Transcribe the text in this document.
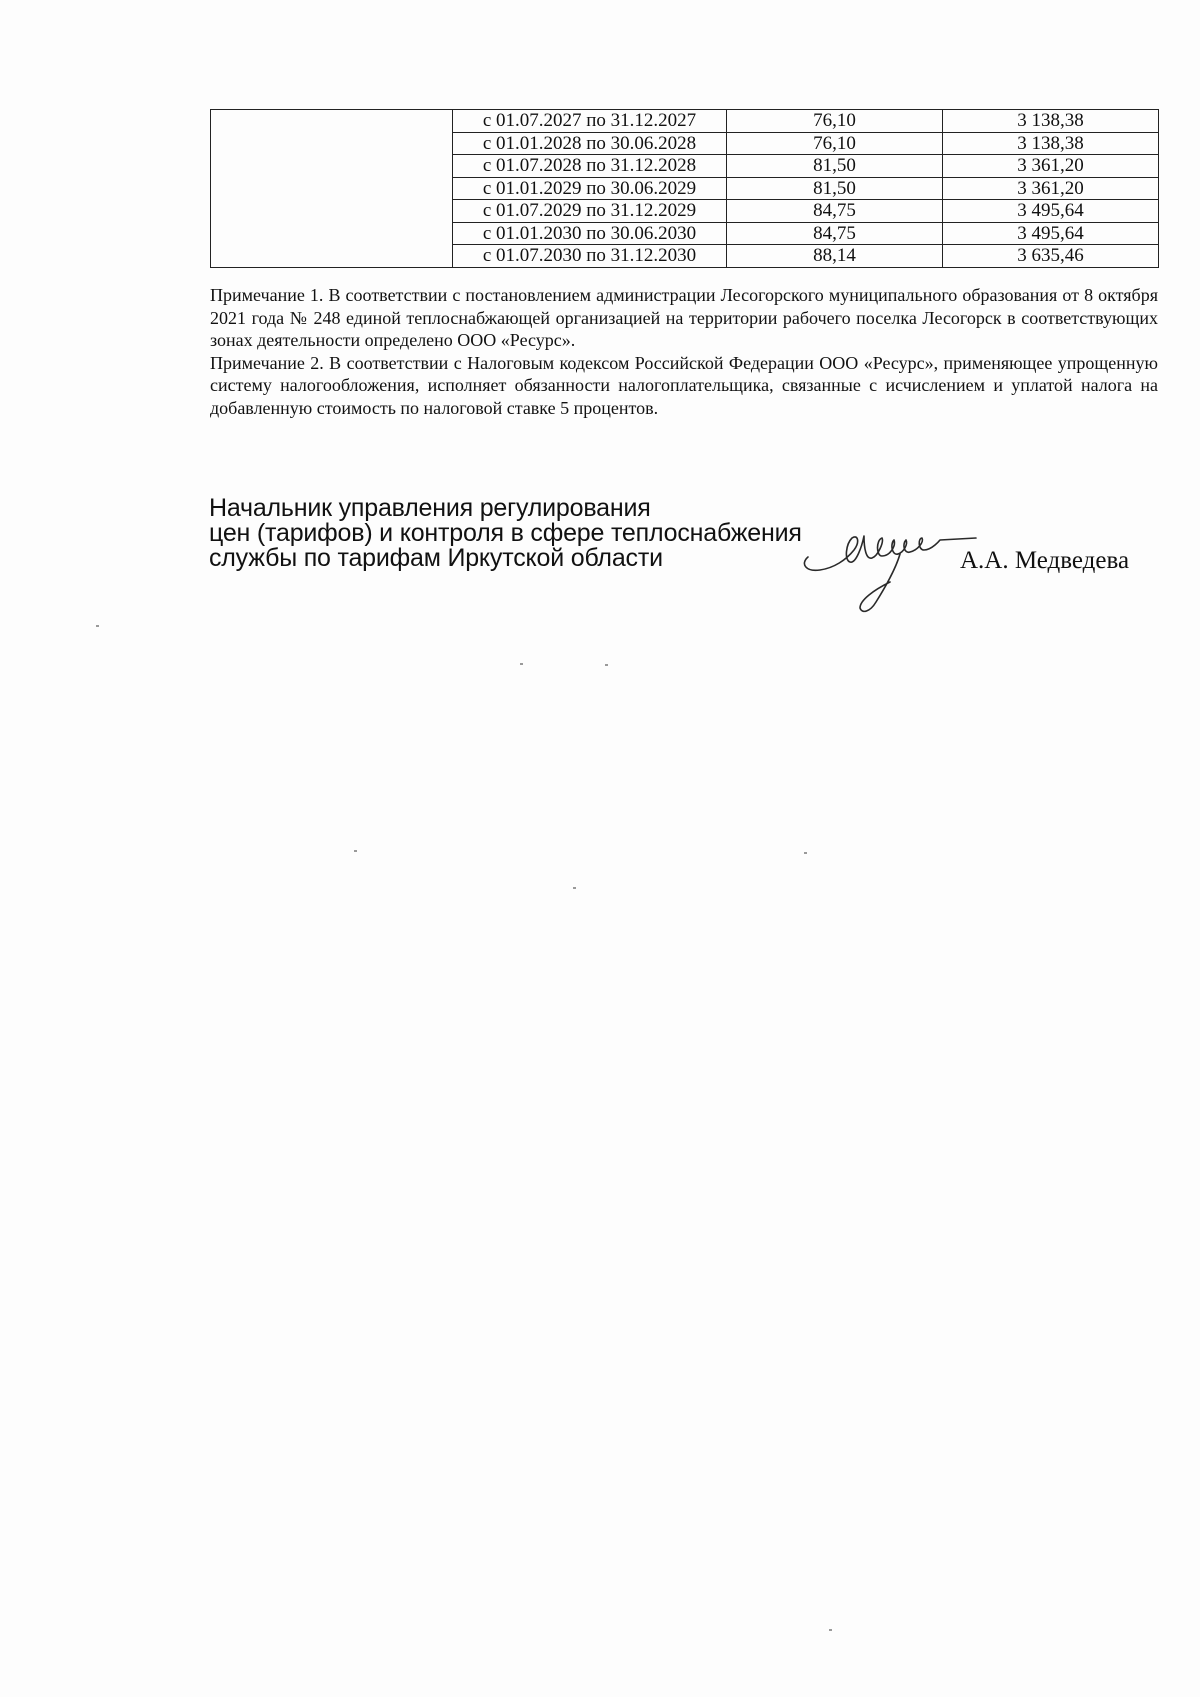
	с 01.07.2027 по 31.12.2027	76,10	3 138,38
	с 01.01.2028 по 30.06.2028	76,10	3 138,38
	с 01.07.2028 по 31.12.2028	81,50	3 361,20
	с 01.01.2029 по 30.06.2029	81,50	3 361,20
	с 01.07.2029 по 31.12.2029	84,75	3 495,64
	с 01.01.2030 по 30.06.2030	84,75	3 495,64
	с 01.07.2030 по 31.12.2030	88,14	3 635,46

Примечание 1. В соответствии с постановлением администрации Лесогорского муниципального образования от 8 октября 2021 года № 248 единой теплоснабжающей организацией на территории рабочего поселка Лесогорск в соответствующих зонах деятельности определено ООО «Ресурс».

Примечание 2. В соответствии с Налоговым кодексом Российской Федерации ООО «Ресурс», применяющее упрощенную систему налогообложения, исполняет обязанности налогоплательщика, связанные с исчислением и уплатой налога на добавленную стоимость по налоговой ставке 5 процентов.

Начальник управления регулирования
цен (тарифов) и контроля в сфере теплоснабжения
службы по тарифам Иркутской области	А.А. Медведева
